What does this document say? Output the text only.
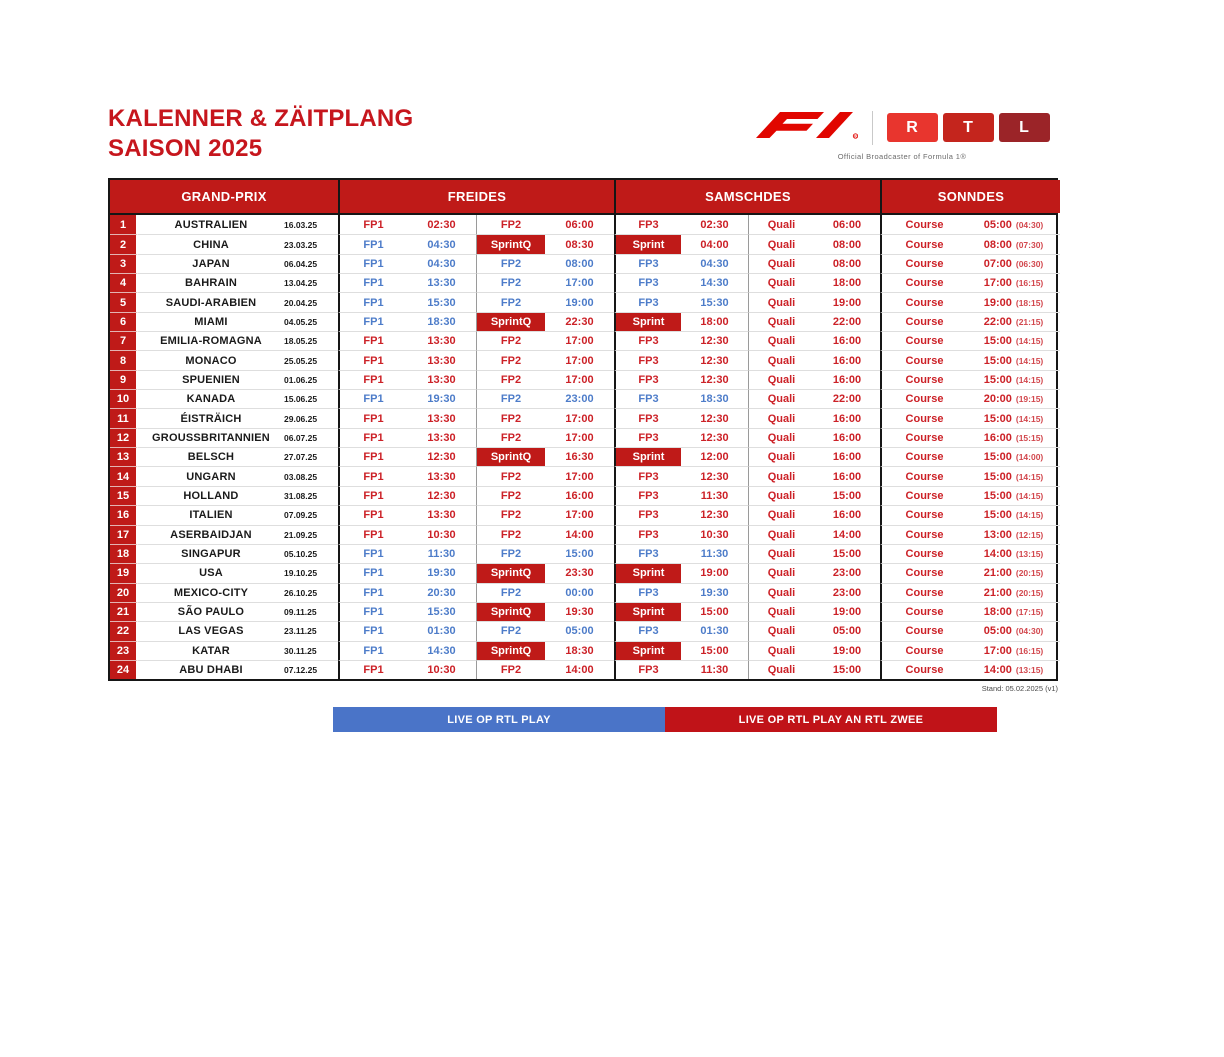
KALENNER & ZÄITPLANG
SAISON 2025	R
R	T	L
Official Broadcaster of Formula 1®
GRAND-PRIX	FREIDES	SAMSCHDES	SONNDES
1	AUSTRALIEN	16.03.25	FP1	02:30	FP2	06:00	FP3	02:30	Quali	06:00	Course	05:00 (04:30)
2	CHINA	23.03.25	FP1	04:30	SprintQ	08:30	Sprint	04:00	Quali	08:00	Course	08:00 (07:30)
3	JAPAN	06.04.25	FP1	04:30	FP2	08:00	FP3	04:30	Quali	08:00	Course	07:00 (06:30)
4	BAHRAIN	13.04.25	FP1	13:30	FP2	17:00	FP3	14:30	Quali	18:00	Course	17:00 (16:15)
5	SAUDI-ARABIEN	20.04.25	FP1	15:30	FP2	19:00	FP3	15:30	Quali	19:00	Course	19:00 (18:15)
6	MIAMI	04.05.25	FP1	18:30	SprintQ	22:30	Sprint	18:00	Quali	22:00	Course	22:00 (21:15)
7	EMILIA-ROMAGNA	18.05.25	FP1	13:30	FP2	17:00	FP3	12:30	Quali	16:00	Course	15:00 (14:15)
8	MONACO	25.05.25	FP1	13:30	FP2	17:00	FP3	12:30	Quali	16:00	Course	15:00 (14:15)
9	SPUENIEN	01.06.25	FP1	13:30	FP2	17:00	FP3	12:30	Quali	16:00	Course	15:00 (14:15)
10	KANADA	15.06.25	FP1	19:30	FP2	23:00	FP3	18:30	Quali	22:00	Course	20:00 (19:15)
11	ÉISTRÄICH	29.06.25	FP1	13:30	FP2	17:00	FP3	12:30	Quali	16:00	Course	15:00 (14:15)
12	GROUSSBRITANNIEN	06.07.25	FP1	13:30	FP2	17:00	FP3	12:30	Quali	16:00	Course	16:00 (15:15)
13	BELSCH	27.07.25	FP1	12:30	SprintQ	16:30	Sprint	12:00	Quali	16:00	Course	15:00 (14:00)
14	UNGARN	03.08.25	FP1	13:30	FP2	17:00	FP3	12:30	Quali	16:00	Course	15:00 (14:15)
15	HOLLAND	31.08.25	FP1	12:30	FP2	16:00	FP3	11:30	Quali	15:00	Course	15:00 (14:15)
16	ITALIEN	07.09.25	FP1	13:30	FP2	17:00	FP3	12:30	Quali	16:00	Course	15:00 (14:15)
17	ASERBAIDJAN	21.09.25	FP1	10:30	FP2	14:00	FP3	10:30	Quali	14:00	Course	13:00 (12:15)
18	SINGAPUR	05.10.25	FP1	11:30	FP2	15:00	FP3	11:30	Quali	15:00	Course	14:00 (13:15)
19	USA	19.10.25	FP1	19:30	SprintQ	23:30	Sprint	19:00	Quali	23:00	Course	21:00 (20:15)
20	MEXICO-CITY	26.10.25	FP1	20:30	FP2	00:00	FP3	19:30	Quali	23:00	Course	21:00 (20:15)
21	SÃO PAULO	09.11.25	FP1	15:30	SprintQ	19:30	Sprint	15:00	Quali	19:00	Course	18:00 (17:15)
22	LAS VEGAS	23.11.25	FP1	01:30	FP2	05:00	FP3	01:30	Quali	05:00	Course	05:00 (04:30)
23	KATAR	30.11.25	FP1	14:30	SprintQ	18:30	Sprint	15:00	Quali	19:00	Course	17:00 (16:15)
24	ABU DHABI	07.12.25	FP1	10:30	FP2	14:00	FP3	11:30	Quali	15:00	Course	14:00 (13:15)
Stand: 05.02.2025 (v1)
LIVE OP RTL PLAY	LIVE OP RTL PLAY AN RTL ZWEE
